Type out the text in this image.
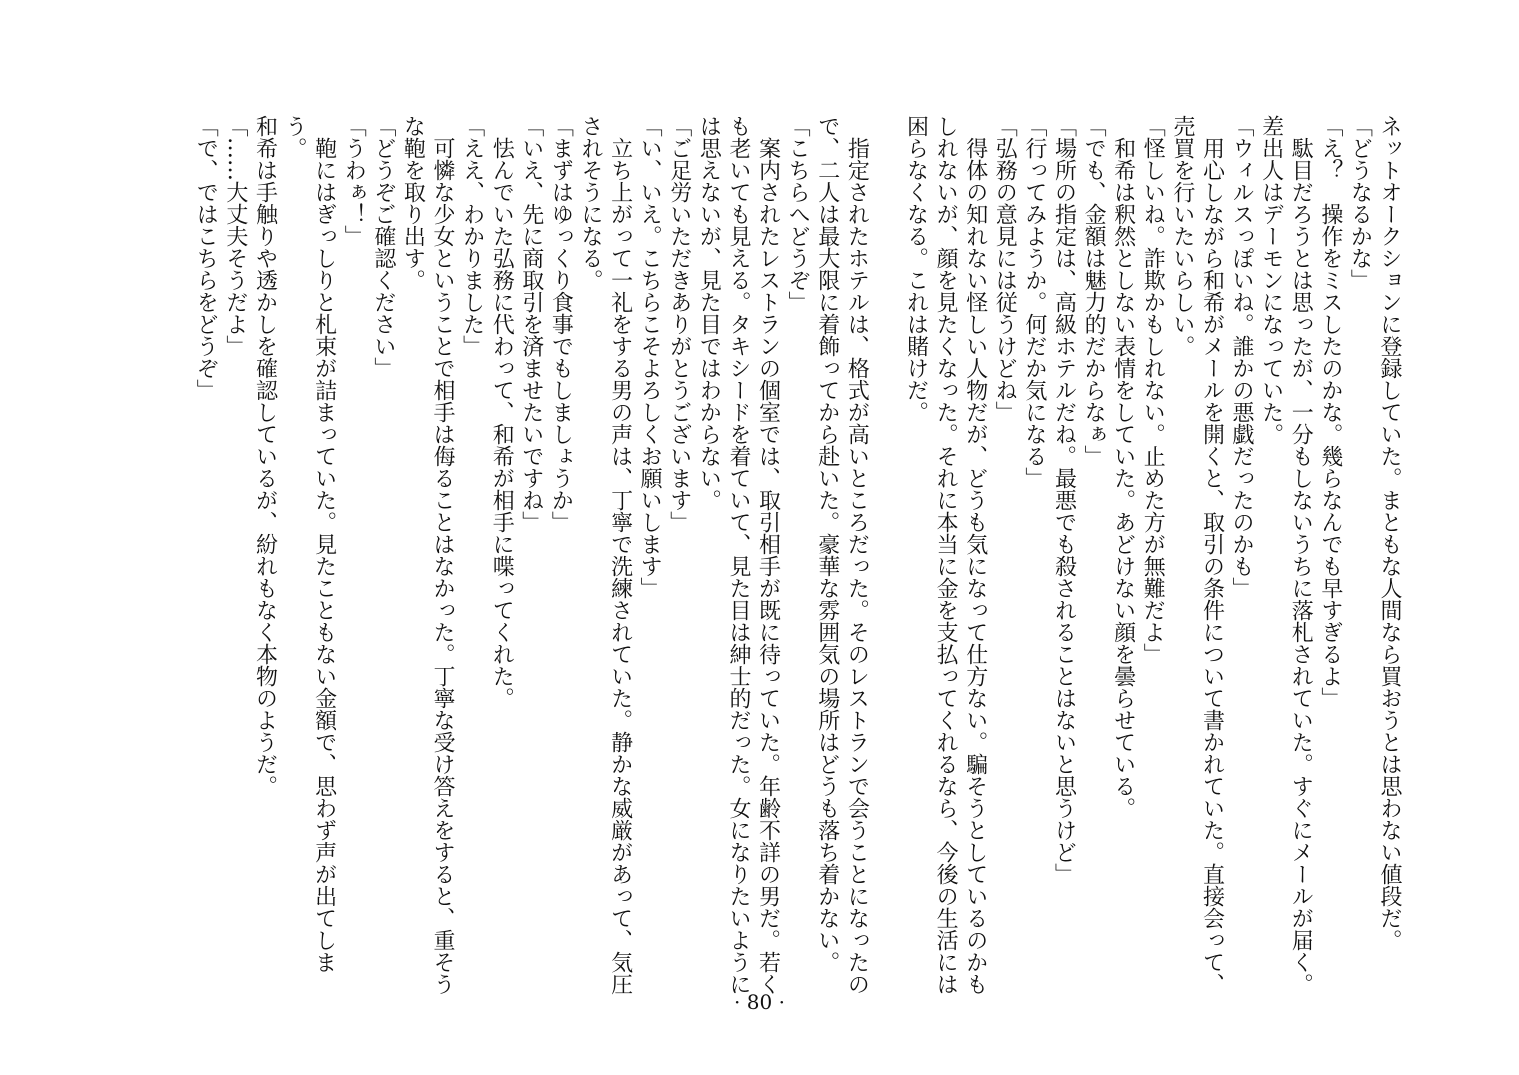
ネットオークションに登録していた。まともな人間なら買おうとは思わない値段だ。

「どうなるかな」

「え？　操作をミスしたのかな。幾らなんでも早すぎるよ」

　駄目だろうとは思ったが、一分もしないうちに落札されていた。すぐにメールが届く。

差出人はデーモンになっていた。

「ウィルスっぽいね。誰かの悪戯だったのかも」

　用心しながら和希がメールを開くと、取引の条件について書かれていた。直接会って、

売買を行いたいらしい。

「怪しいね。詐欺かもしれない。止めた方が無難だよ」

　和希は釈然としない表情をしていた。あどけない顔を曇らせている。

「でも、金額は魅力的だからなぁ」

「場所の指定は、高級ホテルだね。最悪でも殺されることはないと思うけど」

「行ってみようか。何だか気になる」

「弘務の意見には従うけどね」

　得体の知れない怪しい人物だが、どうも気になって仕方ない。騙そうとしているのかも

しれないが、顔を見たくなった。それに本当に金を支払ってくれるなら、今後の生活には

困らなくなる。これは賭けだ。

　指定されたホテルは、格式が高いところだった。そのレストランで会うことになったの

で、二人は最大限に着飾ってから赴いた。豪華な雰囲気の場所はどうも落ち着かない。

「こちらへどうぞ」

　案内されたレストランの個室では、取引相手が既に待っていた。年齢不詳の男だ。若く

も老いても見える。タキシードを着ていて、見た目は紳士的だった。女になりたいように

は思えないが、見た目ではわからない。

「ご足労いただきありがとうございます」

「い、いえ。こちらこそよろしくお願いします」

　立ち上がって一礼をする男の声は、丁寧で洗練されていた。静かな威厳があって、気圧

されそうになる。

「まずはゆっくり食事でもしましょうか」

「いえ、先に商取引を済ませたいですね」

　怯んでいた弘務に代わって、和希が相手に喋ってくれた。

「ええ、わかりました」

　可憐な少女ということで相手は侮ることはなかった。丁寧な受け答えをすると、重そう

な鞄を取り出す。

「どうぞご確認ください」

「うわぁ！」

　鞄にはぎっしりと札束が詰まっていた。見たこともない金額で、思わず声が出てしまう。

和希は手触りや透かしを確認しているが、紛れもなく本物のようだ。

「……大丈夫そうだよ」

「で、ではこちらをどうぞ」

· 80 ·
